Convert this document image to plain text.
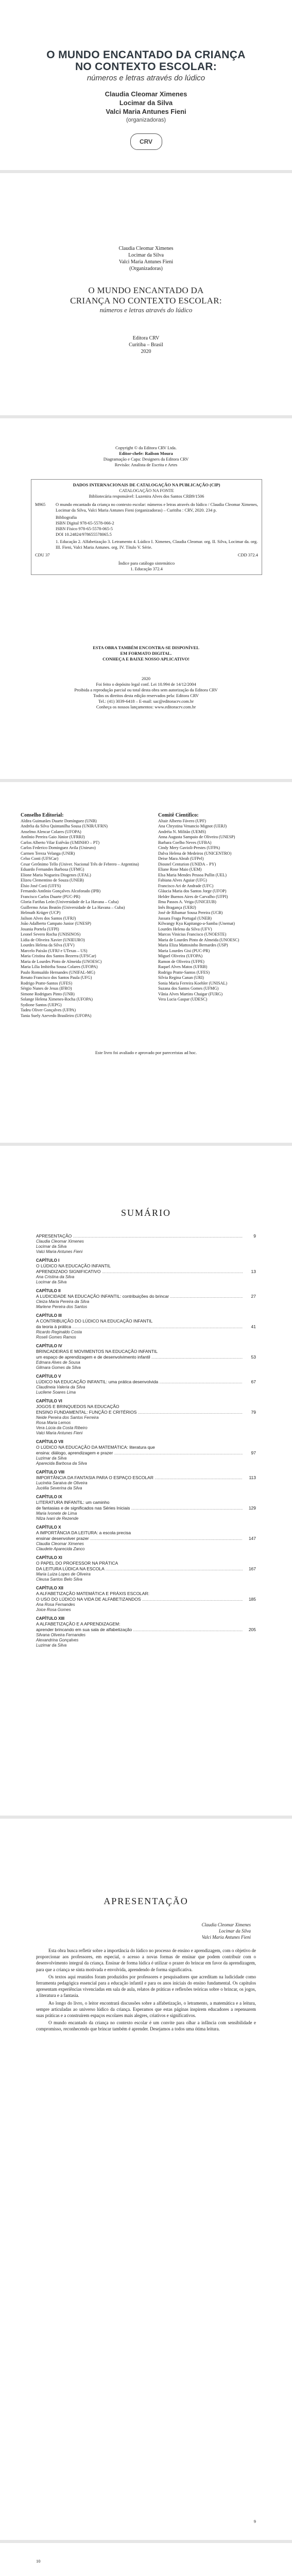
O MUNDO ENCANTADO DA CRIANÇA
NO CONTEXTO ESCOLAR:
números e letras através do lúdico
Claudia Cleomar Ximenes
Locimar da Silva
Valci Maria Antunes Fieni
(organizadoras)
CRV
Claudia Cleomar Ximenes
Locimar da Silva
Valci Maria Antunes Fieni
(Organizadoras)
O MUNDO ENCANTADO DA
CRIANÇA NO CONTEXTO ESCOLAR:
números e letras através do lúdico
Editora CRV
Curitiba – Brasil
2020
Copyright © da Editora CRV Ltda.
Editor-chefe: Railson Moura
Diagramação e Capa: Designers da Editora CRV
Revisão: Analista de Escrita e Artes
DADOS INTERNACIONAIS DE CATALOGAÇÃO NA PUBLICAÇÃO (CIP)
CATALOGAÇÃO NA FONTE
Bibliotecária responsável: Luzenira Alves dos Santos CRB9/1506
M965	O mundo encantado da criança no contexto escolar: números e letras através do lúdico / Claudia Cleomar Ximenes, Locimar da Silva, Valci Maria Antunes Fieni (organizadoras) – Curitiba : CRV, 2020. 234 p.
Bibliografia
ISBN Digital 978-65-5578-066-2
ISBN Físico 978-65-5578-065-5
DOI 10.24824/978655578065.5
1. Educação 2. Alfabetização 3. Letramento 4. Lúdico I. Ximenes, Claudia Cleomar. org. II. Silva, Locimar da. org. III. Fieni, Valci Maria Antunes. org. IV. Título V. Série.
CDU 37	CDD 372.4
Índice para catálogo sistemático
1. Educação 372.4
ESTA OBRA TAMBÉM ENCONTRA-SE DISPONÍVEL
EM FORMATO DIGITAL.
CONHEÇA E BAIXE NOSSO APLICATIVO!
2020
Foi feito o depósito legal conf. Lei 10.994 de 14/12/2004
Proibida a reprodução parcial ou total desta obra sem autorização da Editora CRV
Todos os direitos desta edição reservados pela: Editora CRV
Tel.: (41) 3039-6418 – E-mail: sac@editoracrv.com.br
Conheça os nossos lançamentos: www.editoracrv.com.br
Conselho Editorial:
Aldira Guimarães Duarte Domínguez (UNB)
Andréia da Silva Quintanilha Sousa (UNIR/UFRN)
Anselmo Alencar Colares (UFOPA)
Antônio Pereira Gaio Júnior (UFRRJ)
Carlos Alberto Vilar Estêvão (UMINHO – PT)
Carlos Federico Dominguez Avila (Unieuro)
Carmen Tereza Velanga (UNIR)
Celso Conti (UFSCar)
Cesar Gerônimo Tello (Univer. Nacional Três de Febrero – Argentina)
Eduardo Fernandes Barbosa (UFMG)
Elione Maria Nogueira Diogenes (UFAL)
Elizeu Clementino de Souza (UNEB)
Élsio José Corá (UFFS)
Fernando Antônio Gonçalves Alcoforado (IPB)
Francisco Carlos Duarte (PUC-PR)
Gloria Fariñas León (Universidade de La Havana – Cuba)
Guillermo Arias Beatón (Universidade de La Havana – Cuba)
Helmuth Krüger (UCP)
Jailson Alves dos Santos (UFRJ)
João Adalberto Campato Junior (UNESP)
Josania Portela (UFPI)
Leonel Severo Rocha (UNISINOS)
Lídia de Oliveira Xavier (UNIEURO)
Lourdes Helena da Silva (UFV)
Marcelo Paixão (UFRJ e UTexas – US)
Maria Cristina dos Santos Bezerra (UFSCar)
Maria de Lourdes Pinto de Almeida (UNOESC)
Maria Lília Imbiriba Sousa Colares (UFOPA)
Paulo Romualdo Hernandes (UNIFAL-MG)
Renato Francisco dos Santos Paula (UFG)
Rodrigo Pratte-Santos (UFES)
Sérgio Nunes de Jesus (IFRO)
Simone Rodrigues Pinto (UNB)
Solange Helena Ximenes-Rocha (UFOPA)
Sydione Santos (UEPG)
Tadeu Oliver Gonçalves (UFPA)
Tania Suely Azevedo Brasileiro (UFOPA)
Comitê Científico:
Altair Alberto Fávero (UPF)
Ana Chrystina Venancio Mignot (UERJ)
Andréia N. Militão (UEMS)
Anna Augusta Sampaio de Oliveira (UNESP)
Barbara Coelho Neves (UFBA)
Cindy Mery Gavioli-Prestes (UFPA)
Dalva Helena de Medeiros (UNICENTRO)
Deise Mara Abrah (UFPel)
Diosnel Centurion (UNIDA – PY)
Eliane Rose Maio (UEM)
Elsa Maria Mendes Pessoa Pullin (UEL)
Fabiana Alves Aguiar (UFG)
Francisco Ari de Andrade (UFC)
Gláucia Maria dos Santos Jorge (UFOP)
Helder Buenos Aires de Carvalho (UFPI)
Ilma Passos A. Veiga (UNICEUB)
Inês Bragança (UERJ)
José de Ribamar Sousa Pereira (UCB)
Jussara Fraga Portugal (UNEB)
Kilwangy Kya Kapitango-a-Samba (Unemat)
Lourdes Helena da Silva (UFV)
Marcos Vinicius Francisco (UNOESTE)
Maria de Lourdes Pinto de Almeida (UNOESC)
Maria Eliza Mattosinho Bernardes (USP)
Maria Lourdes Gisi (PUC-PR)
Miguel Oliveira (UFOPA)
Ramon de Oliveira (UFPE)
Raquel Alves Matos (UFRB)
Rodrigo Pratte-Santos (UFES)
Silvia Regina Canan (URI)
Sonia Maria Ferreira Koehler (UNISAL)
Suzana dos Santos Gomes (UFMG)
Vânia Alves Martins Chaigar (FURG)
Vera Lucia Gaspar (UDESC)
Este livro foi avaliado e aprovado por pareceristas ad hoc.
SUMÁRIO
APRESENTAÇÃO .....	9
Claudia Cleomar Ximenes
Locimar da Silva
Valci Maria Antunes Fieni
CAPÍTULO I
O LÚDICO NA EDUCAÇÃO INFANTIL
APRENDIZADO SIGNIFICATIVO .....	13
Ana Cristina da Silva
Locimar da Silva
CAPÍTULO II
A LUDICIDADE NA EDUCAÇÃO INFANTIL: contribuições do brincar .....	27
Cleiza Maria Pereira da Silva
Marlene Pereira dos Santos
CAPÍTULO III
A CONTRIBUIÇÃO DO LÚDICO NA EDUCAÇÃO INFANTIL
da teoria à prática .....	41
Ricardo Reginaldo Costa
Roseli Gomes Ramos
CAPÍTULO IV
BRINCADEIRAS E MOVIMENTOS NA EDUCAÇÃO INFANTIL
um espaço de aprendizagem e de desenvolvimento infantil .....	53
Edmara Alves de Sousa
Gilmara Gomes da Silva
CAPÍTULO V
LÚDICO NA EDUCAÇÃO INFANTIL: uma prática desenvolvida .....	67
Claudineia Valeria da Silva
Lucilene Soares Lima
CAPÍTULO VI
JOGOS E BRINQUEDOS NA EDUCAÇÃO
ENSINO FUNDAMENTAL: FUNÇÃO E CRITÉRIOS .....	79
Neide Pereira dos Santos Ferreira
Rosa Maria Lemos
Vera Lúcia da Costa Ribeiro
Valci Maria Antunes Fieni
CAPÍTULO VII
O LÚDICO NA EDUCAÇÃO DA MATEMÁTICA: literatura que
ensina: diálogo, aprendizagem e prazer .....	97
Luzimar da Silva
Aparecida Barbosa da Silva
CAPÍTULO VIII
IMPORTÂNCIA DA FANTASIA PARA O ESPAÇO ESCOLAR .....	113
Lucinéia Saraiva de Oliveira
Jucélia Severina da Silva
CAPÍTULO IX
LITERATURA INFANTIL: um caminho
de fantasias e de significados nas Séries Iniciais .....	129
Maria Ivonete de Lima
Nilza Ivani de Rezende
CAPÍTULO X
A IMPORTÂNCIA DA LEITURA: a escola precisa
ensinar desenvolver prazer .....	147
Claudia Cleomar Ximenes
Claudete Aparecida Zanco
CAPÍTULO XI
O PAPEL DO PROFESSOR NA PRÁTICA
DA LEITURA LÚDICA NA ESCOLA .....	167
Maria Luiza Lopes de Oliveira
Cleusa Santos Belo Silva
CAPÍTULO XII
A ALFABETIZAÇÃO MATEMÁTICA E PRÁXIS ESCOLAR:
O USO DO LÚDICO NA VIDA DE ALFABETIZANDOS .....	185
Ana Rosa Fernandes
Joice Rosa Gomes
CAPÍTULO XIII
A ALFABETIZAÇÃO E A APRENDIZAGEM:
aprender brincando em sua sala de alfabetização .....	205
Silvana Oliveira Fernandes
Alexandrina Gonçalves
Luzimar da Silva
APRESENTAÇÃO
Claudia Cleomar Ximenes
Locimar da Silva
Valci Maria Antunes Fieni

Esta obra busca refletir sobre a importância do lúdico no processo de ensino e aprendizagem, com o objetivo de proporcionar aos professores, em especial, o acesso a novas formas de ensinar que podem contribuir com o desenvolvimento integral da criança. Ensinar de forma lúdica é utilizar o prazer do brincar em favor da aprendizagem, para que a criança se sinta motivada e envolvida, aprendendo de forma significativa.

Os textos aqui reunidos foram produzidos por professores e pesquisadores que acreditam na ludicidade como ferramenta pedagógica essencial para a educação infantil e para os anos iniciais do ensino fundamental. Os capítulos apresentam experiências vivenciadas em sala de aula, relatos de práticas e reflexões teóricas sobre o brincar, os jogos, a literatura e a fantasia.

Ao longo do livro, o leitor encontrará discussões sobre a alfabetização, o letramento, a matemática e a leitura, sempre articuladas ao universo lúdico da criança. Esperamos que estas páginas inspirem educadores a repensarem suas práticas e a construírem espaços escolares mais alegres, criativos e significativos.

O mundo encantado da criança no contexto escolar é um convite para olhar a infância com sensibilidade e compromisso, reconhecendo que brincar também é aprender. Desejamos a todos uma ótima leitura.

9
10
